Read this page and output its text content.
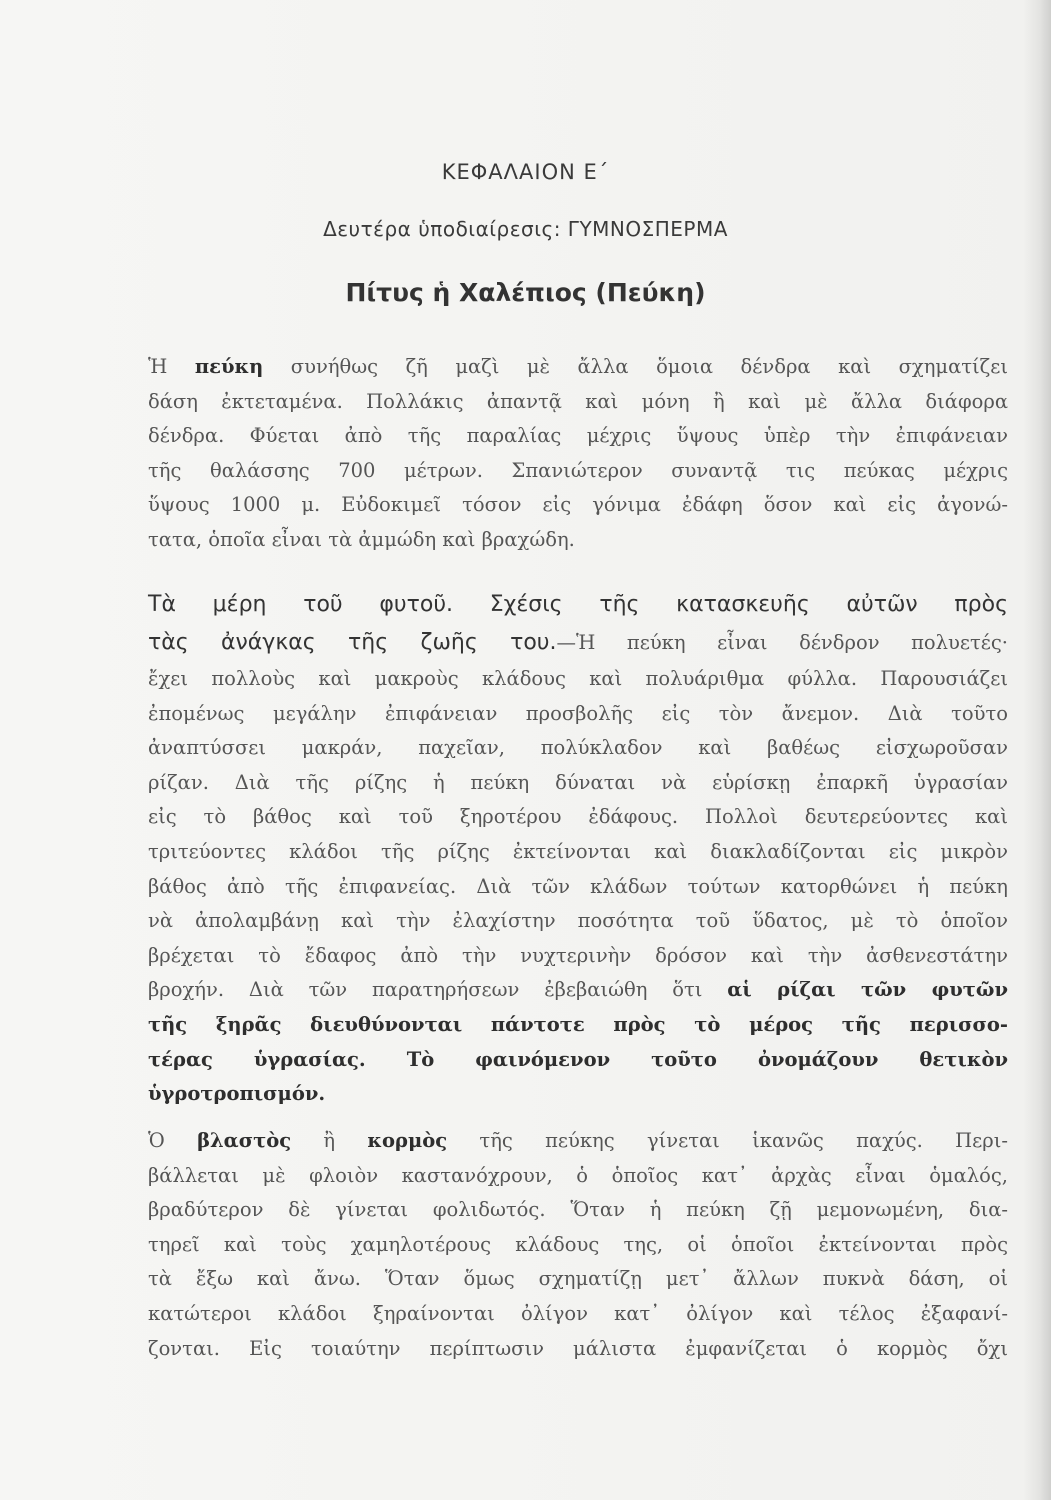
ΚΕΦΑΛΑΙΟΝ Ε΄
Δευτέρα ὑποδιαίρεσις: ΓΥΜΝΟΣΠΕΡΜΑ
Πίτυς ἡ Χαλέπιος (Πεύκη)
Ἡ πεύκη συνήθως ζῆ μαζὶ μὲ ἄλλα ὅμοια δένδρα καὶ σχηματίζει
δάση ἐκτεταμένα. Πολλάκις ἀπαντᾷ καὶ μόνη ἢ καὶ μὲ ἄλλα διάφορα
δένδρα. Φύεται ἀπὸ τῆς παραλίας μέχρις ὕψους ὑπὲρ τὴν ἐπιφάνειαν
τῆς θαλάσσης 700 μέτρων. Σπανιώτερον συναντᾷ τις πεύκας μέχρις
ὕψους 1000 μ. Εὐδοκιμεῖ τόσον εἰς γόνιμα ἐδάφη ὅσον καὶ εἰς ἀγονώ-
τατα, ὁποῖα εἶναι τὰ ἀμμώδη καὶ βραχώδη.
Τὰ μέρη τοῦ φυτοῦ. Σχέσις τῆς κατασκευῆς αὐτῶν πρὸς
τὰς ἀνάγκας τῆς ζωῆς του.—Ἡ πεύκη εἶναι δένδρον πολυετές·
ἔχει πολλοὺς καὶ μακροὺς κλάδους καὶ πολυάριθμα φύλλα. Παρουσιάζει
ἐπομένως μεγάλην ἐπιφάνειαν προσβολῆς εἰς τὸν ἄνεμον. Διὰ τοῦτο
ἀναπτύσσει μακράν, παχεῖαν, πολύκλαδον καὶ βαθέως εἰσχωροῦσαν
ρίζαν. Διὰ τῆς ρίζης ἡ πεύκη δύναται νὰ εὑρίσκῃ ἐπαρκῆ ὑγρασίαν
εἰς τὸ βάθος καὶ τοῦ ξηροτέρου ἐδάφους. Πολλοὶ δευτερεύοντες καὶ
τριτεύοντες κλάδοι τῆς ρίζης ἐκτείνονται καὶ διακλαδίζονται εἰς μικρὸν
βάθος ἀπὸ τῆς ἐπιφανείας. Διὰ τῶν κλάδων τούτων κατορθώνει ἡ πεύκη
νὰ ἀπολαμβάνῃ καὶ τὴν ἐλαχίστην ποσότητα τοῦ ὕδατος, μὲ τὸ ὁποῖον
βρέχεται τὸ ἔδαφος ἀπὸ τὴν νυχτερινὴν δρόσον καὶ τὴν ἀσθενεστάτην
βροχήν. Διὰ τῶν παρατηρήσεων ἐβεβαιώθη ὅτι αἱ ρίζαι τῶν φυτῶν
τῆς ξηρᾶς διευθύνονται πάντοτε πρὸς τὸ μέρος τῆς περισσο-
τέρας ὑγρασίας. Τὸ φαινόμενον τοῦτο ὀνομάζουν θετικὸν
ὑγροτροπισμόν.
Ὁ βλαστὸς ἢ κορμὸς τῆς πεύκης γίνεται ἱκανῶς παχύς. Περι-
βάλλεται μὲ φλοιὸν καστανόχρουν, ὁ ὁποῖος κατ᾽ ἀρχὰς εἶναι ὁμαλός,
βραδύτερον δὲ γίνεται φολιδωτός. Ὅταν ἡ πεύκη ζῇ μεμονωμένη, δια-
τηρεῖ καὶ τοὺς χαμηλοτέρους κλάδους της, οἱ ὁποῖοι ἐκτείνονται πρὸς
τὰ ἔξω καὶ ἄνω. Ὅταν ὅμως σχηματίζῃ μετ᾽ ἄλλων πυκνὰ δάση, οἱ
κατώτεροι κλάδοι ξηραίνονται ὀλίγον κατ᾽ ὀλίγον καὶ τέλος ἐξαφανί-
ζονται. Εἰς τοιαύτην περίπτωσιν μάλιστα ἐμφανίζεται ὁ κορμὸς ὄχι
